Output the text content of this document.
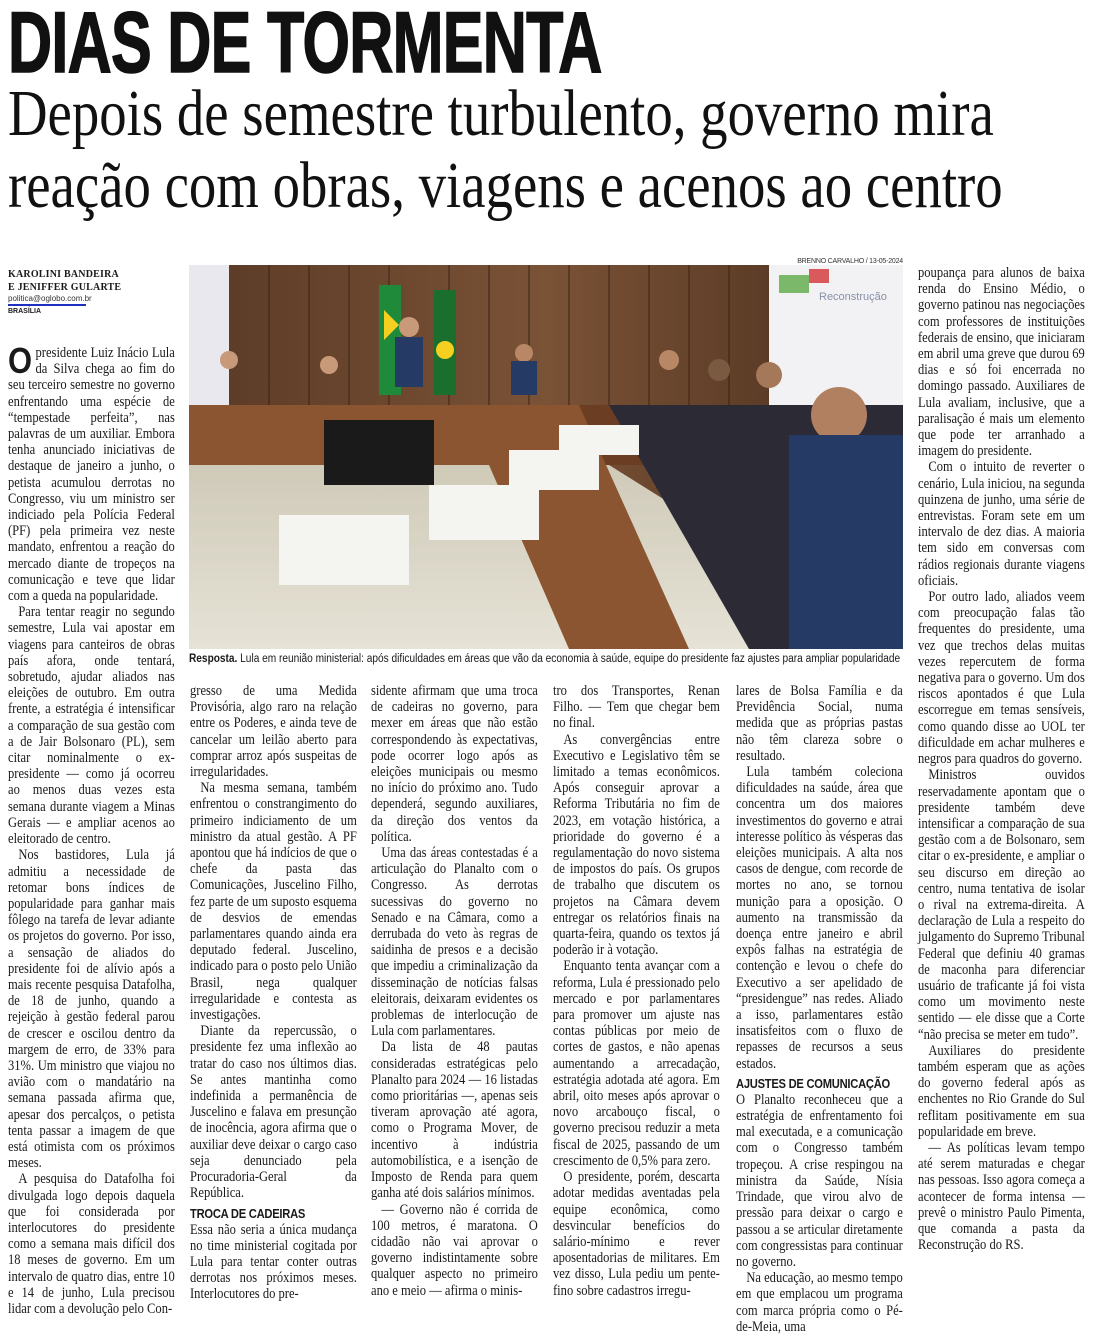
DIAS DE TORMENTA
Depois de semestre turbulento, governo mira
reação com obras, viagens e acenos ao centro
KAROLINI BANDEIRA
E JENIFFER GULARTE
politica@oglobo.com.br
BRASÍLIA
BRENNO CARVALHO / 13-05-2024
Reconstrução
Resposta. Lula em reunião ministerial: após dificuldades em áreas que vão da economia à saúde, equipe do presidente faz ajustes para ampliar popularidade

Opresidente Luiz Inácio Lula da Silva chega ao fim do seu terceiro semestre no governo enfrentando uma espécie de “tempestade perfeita”, nas palavras de um auxiliar. Embora tenha anunciado iniciativas de destaque de janeiro a junho, o petista acumulou derrotas no Congresso, viu um ministro ser indiciado pela Polícia Federal (PF) pela primeira vez neste mandato, enfrentou a reação do mercado diante de tropeços na comunicação e teve que lidar com a queda na popularidade.

Para tentar reagir no segundo semestre, Lula vai apostar em viagens para canteiros de obras país afora, onde tentará, sobretudo, ajudar aliados nas eleições de outubro. Em outra frente, a estratégia é intensificar a comparação de sua gestão com a de Jair Bolsonaro (PL), sem citar nominalmente o ex-presidente — como já ocorreu ao menos duas vezes esta semana durante viagem a Minas Gerais — e ampliar acenos ao eleitorado de centro.

Nos bastidores, Lula já admitiu a necessidade de retomar bons índices de popularidade para ganhar mais fôlego na tarefa de levar adiante os projetos do governo. Por isso, a sensação de aliados do presidente foi de alívio após a mais recente pesquisa Datafolha, de 18 de junho, quando a rejeição à gestão federal parou de crescer e oscilou dentro da margem de erro, de 33% para 31%. Um ministro que viajou no avião com o mandatário na semana passada afirma que, apesar dos percalços, o petista tenta passar a imagem de que está otimista com os próximos meses.

A pesquisa do Datafolha foi divulgada logo depois daquela que foi considerada por interlocutores do presidente como a semana mais difícil dos 18 meses de governo. Em um intervalo de quatro dias, entre 10 e 14 de junho, Lula precisou lidar com a devolução pelo Con-

gresso de uma Medida Provisória, algo raro na relação entre os Poderes, e ainda teve de cancelar um leilão aberto para comprar arroz após suspeitas de irregularidades.

Na mesma semana, também enfrentou o constrangimento do primeiro indiciamento de um ministro da atual gestão. A PF apontou que há indícios de que o chefe da pasta das Comunicações, Juscelino Filho, fez parte de um suposto esquema de desvios de emendas parlamentares quando ainda era deputado federal. Juscelino, indicado para o posto pelo União Brasil, nega qualquer irregularidade e contesta as investigações.

Diante da repercussão, o presidente fez uma inflexão ao tratar do caso nos últimos dias. Se antes mantinha como indefinida a permanência de Juscelino e falava em presunção de inocência, agora afirma que o auxiliar deve deixar o cargo caso seja denunciado pela Procuradoria-Geral da República.

TROCA DE CADEIRAS

Essa não seria a única mudança no time ministerial cogitada por Lula para tentar conter outras derrotas nos próximos meses. Interlocutores do pre-

sidente afirmam que uma troca de cadeiras no governo, para mexer em áreas que não estão correspondendo às expectativas, pode ocorrer logo após as eleições municipais ou mesmo no início do próximo ano. Tudo dependerá, segundo auxiliares, da direção dos ventos da política.

Uma das áreas contestadas é a articulação do Planalto com o Congresso. As derrotas sucessivas do governo no Senado e na Câmara, como a derrubada do veto às regras de saidinha de presos e a decisão que impediu a criminalização da disseminação de notícias falsas eleitorais, deixaram evidentes os problemas de interlocução de Lula com parlamentares.

Da lista de 48 pautas consideradas estratégicas pelo Planalto para 2024 — 16 listadas como prioritárias —, apenas seis tiveram aprovação até agora, como o Programa Mover, de incentivo à indústria automobilística, e a isenção de Imposto de Renda para quem ganha até dois salários mínimos.

— Governo não é corrida de 100 metros, é maratona. O cidadão não vai aprovar o governo indistintamente sobre qualquer aspecto no primeiro ano e meio — afirma o minis-

tro dos Transportes, Renan Filho. — Tem que chegar bem no final.

As convergências entre Executivo e Legislativo têm se limitado a temas econômicos. Após conseguir aprovar a Reforma Tributária no fim de 2023, em votação histórica, a prioridade do governo é a regulamentação do novo sistema de impostos do país. Os grupos de trabalho que discutem os projetos na Câmara devem entregar os relatórios finais na quarta-feira, quando os textos já poderão ir à votação.

Enquanto tenta avançar com a reforma, Lula é pressionado pelo mercado e por parlamentares para promover um ajuste nas contas públicas por meio de cortes de gastos, e não apenas aumentando a arrecadação, estratégia adotada até agora. Em abril, oito meses após aprovar o novo arcabouço fiscal, o governo precisou reduzir a meta fiscal de 2025, passando de um crescimento de 0,5% para zero.

O presidente, porém, descarta adotar medidas aventadas pela equipe econômica, como desvincular benefícios do salário-mínimo e rever aposentadorias de militares. Em vez disso, Lula pediu um pente-fino sobre cadastros irregu-

lares de Bolsa Família e da Previdência Social, numa medida que as próprias pastas não têm clareza sobre o resultado.

Lula também coleciona dificuldades na saúde, área que concentra um dos maiores investimentos do governo e atrai interesse político às vésperas das eleições municipais. A alta nos casos de dengue, com recorde de mortes no ano, se tornou munição para a oposição. O aumento na transmissão da doença entre janeiro e abril expôs falhas na estratégia de contenção e levou o chefe do Executivo a ser apelidado de “presidengue” nas redes. Aliado a isso, parlamentares estão insatisfeitos com o fluxo de repasses de recursos a seus estados.

AJUSTES DE COMUNICAÇÃO

O Planalto reconheceu que a estratégia de enfrentamento foi mal executada, e a comunicação com o Congresso também tropeçou. A crise respingou na ministra da Saúde, Nísia Trindade, que virou alvo de pressão para deixar o cargo e passou a se articular diretamente com congressistas para continuar no governo.

Na educação, ao mesmo tempo em que emplacou um programa com marca própria como o Pé-de-Meia, uma

poupança para alunos de baixa renda do Ensino Médio, o governo patinou nas negociações com professores de instituições federais de ensino, que iniciaram em abril uma greve que durou 69 dias e só foi encerrada no domingo passado. Auxiliares de Lula avaliam, inclusive, que a paralisação é mais um elemento que pode ter arranhado a imagem do presidente.

Com o intuito de reverter o cenário, Lula iniciou, na segunda quinzena de junho, uma série de entrevistas. Foram sete em um intervalo de dez dias. A maioria tem sido em conversas com rádios regionais durante viagens oficiais.

Por outro lado, aliados veem com preocupação falas tão frequentes do presidente, uma vez que trechos delas muitas vezes repercutem de forma negativa para o governo. Um dos riscos apontados é que Lula escorregue em temas sensíveis, como quando disse ao UOL ter dificuldade em achar mulheres e negros para quadros do governo.

Ministros ouvidos reservadamente apontam que o presidente também deve intensificar a comparação de sua gestão com a de Bolsonaro, sem citar o ex-presidente, e ampliar o seu discurso em direção ao centro, numa tentativa de isolar o rival na extrema-direita. A declaração de Lula a respeito do julgamento do Supremo Tribunal Federal que definiu 40 gramas de maconha para diferenciar usuário de traficante já foi vista como um movimento neste sentido — ele disse que a Corte “não precisa se meter em tudo”.

Auxiliares do presidente também esperam que as ações do governo federal após as enchentes no Rio Grande do Sul reflitam positivamente em sua popularidade em breve.

— As políticas levam tempo até serem maturadas e chegar nas pessoas. Isso agora começa a acontecer de forma intensa — prevê o ministro Paulo Pimenta, que comanda a pasta da Reconstrução do RS.
